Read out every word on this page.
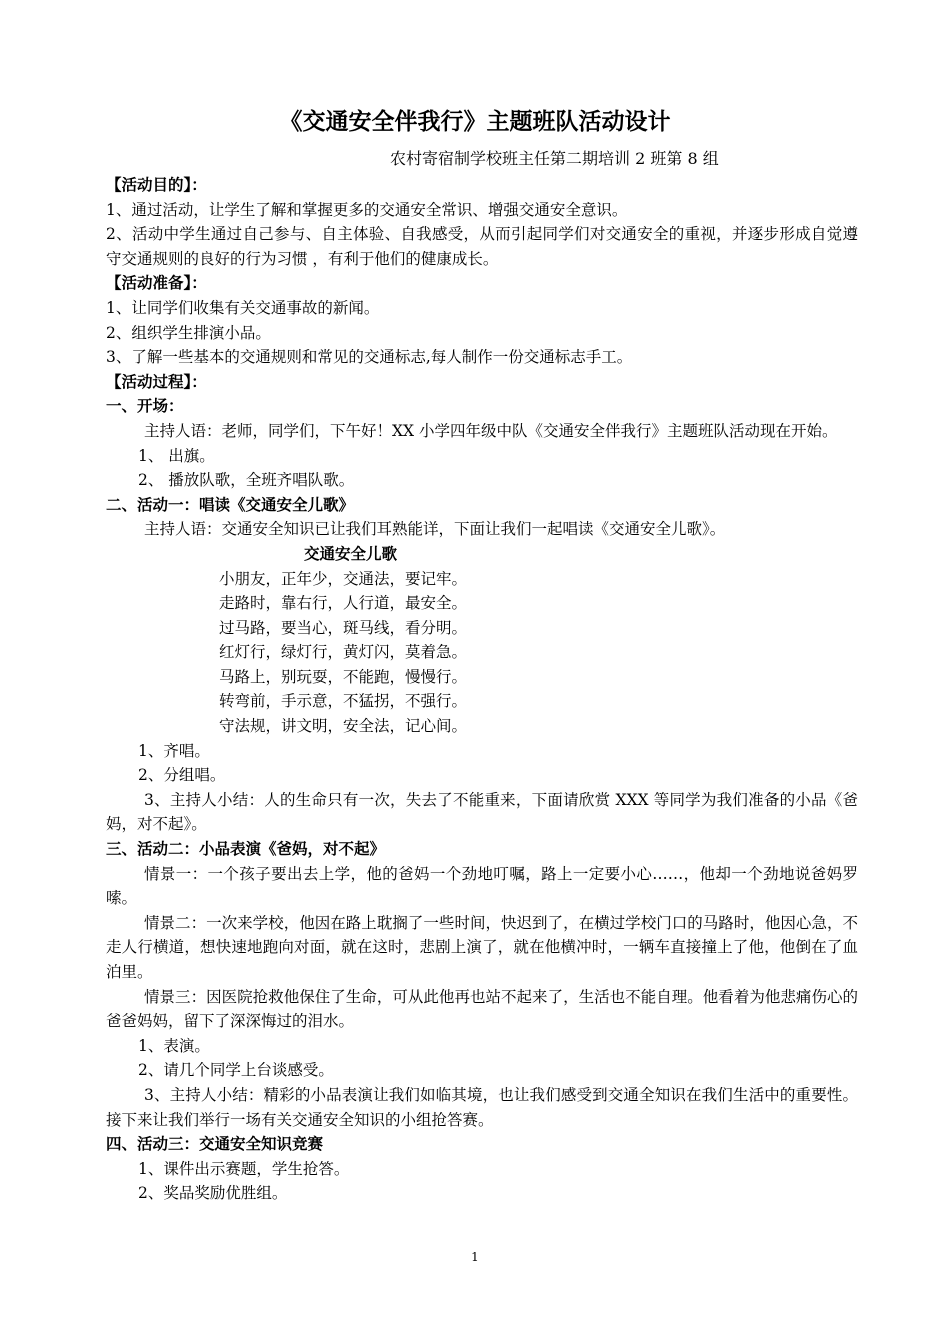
《交通安全伴我行》主题班队活动设计
农村寄宿制学校班主任第二期培训 2 班第 8 组
【活动目的】：
1、通过活动，让学生了解和掌握更多的交通安全常识、增强交通安全意识。
2、活动中学生通过自己参与、自主体验、自我感受，从而引起同学们对交通安全的重视，并逐步形成自觉遵守交通规则的良好的行为习惯 ，有利于他们的健康成长。
【活动准备】：
1、让同学们收集有关交通事故的新闻。
2、组织学生排演小品。
3、了解一些基本的交通规则和常见的交通标志,每人制作一份交通标志手工。
【活动过程】：
一、开场：
主持人语：老师，同学们，下午好！XX 小学四年级中队《交通安全伴我行》主题班队活动现在开始。
1、 出旗。
2、 播放队歌，全班齐唱队歌。
二、活动一：唱读《交通安全儿歌》
主持人语：交通安全知识已让我们耳熟能详，下面让我们一起唱读《交通安全儿歌》。
交通安全儿歌
小朋友，正年少，交通法，要记牢。
走路时，靠右行，人行道，最安全。
过马路，要当心，斑马线，看分明。
红灯行，绿灯行，黄灯闪，莫着急。
马路上，别玩耍，不能跑，慢慢行。
转弯前，手示意，不猛拐，不强行。
守法规，讲文明，安全法，记心间。
1、齐唱。
2、分组唱。
3、主持人小结：人的生命只有一次，失去了不能重来，下面请欣赏 XXX 等同学为我们准备的小品《爸妈，对不起》。
三、活动二：小品表演《爸妈，对不起》
情景一：一个孩子要出去上学，他的爸妈一个劲地叮嘱，路上一定要小心……，他却一个劲地说爸妈罗嗦。
情景二：一次来学校，他因在路上耽搁了一些时间，快迟到了，在横过学校门口的马路时，他因心急，不走人行横道，想快速地跑向对面，就在这时，悲剧上演了，就在他横冲时，一辆车直接撞上了他，他倒在了血泊里。
情景三：因医院抢救他保住了生命，可从此他再也站不起来了，生活也不能自理。他看着为他悲痛伤心的爸爸妈妈，留下了深深悔过的泪水。
1、表演。
2、请几个同学上台谈感受。
3、主持人小结：精彩的小品表演让我们如临其境，也让我们感受到交通全知识在我们生活中的重要性。接下来让我们举行一场有关交通安全知识的小组抢答赛。
四、活动三：交通安全知识竞赛
1、课件出示赛题，学生抢答。
2、奖品奖励优胜组。
1
